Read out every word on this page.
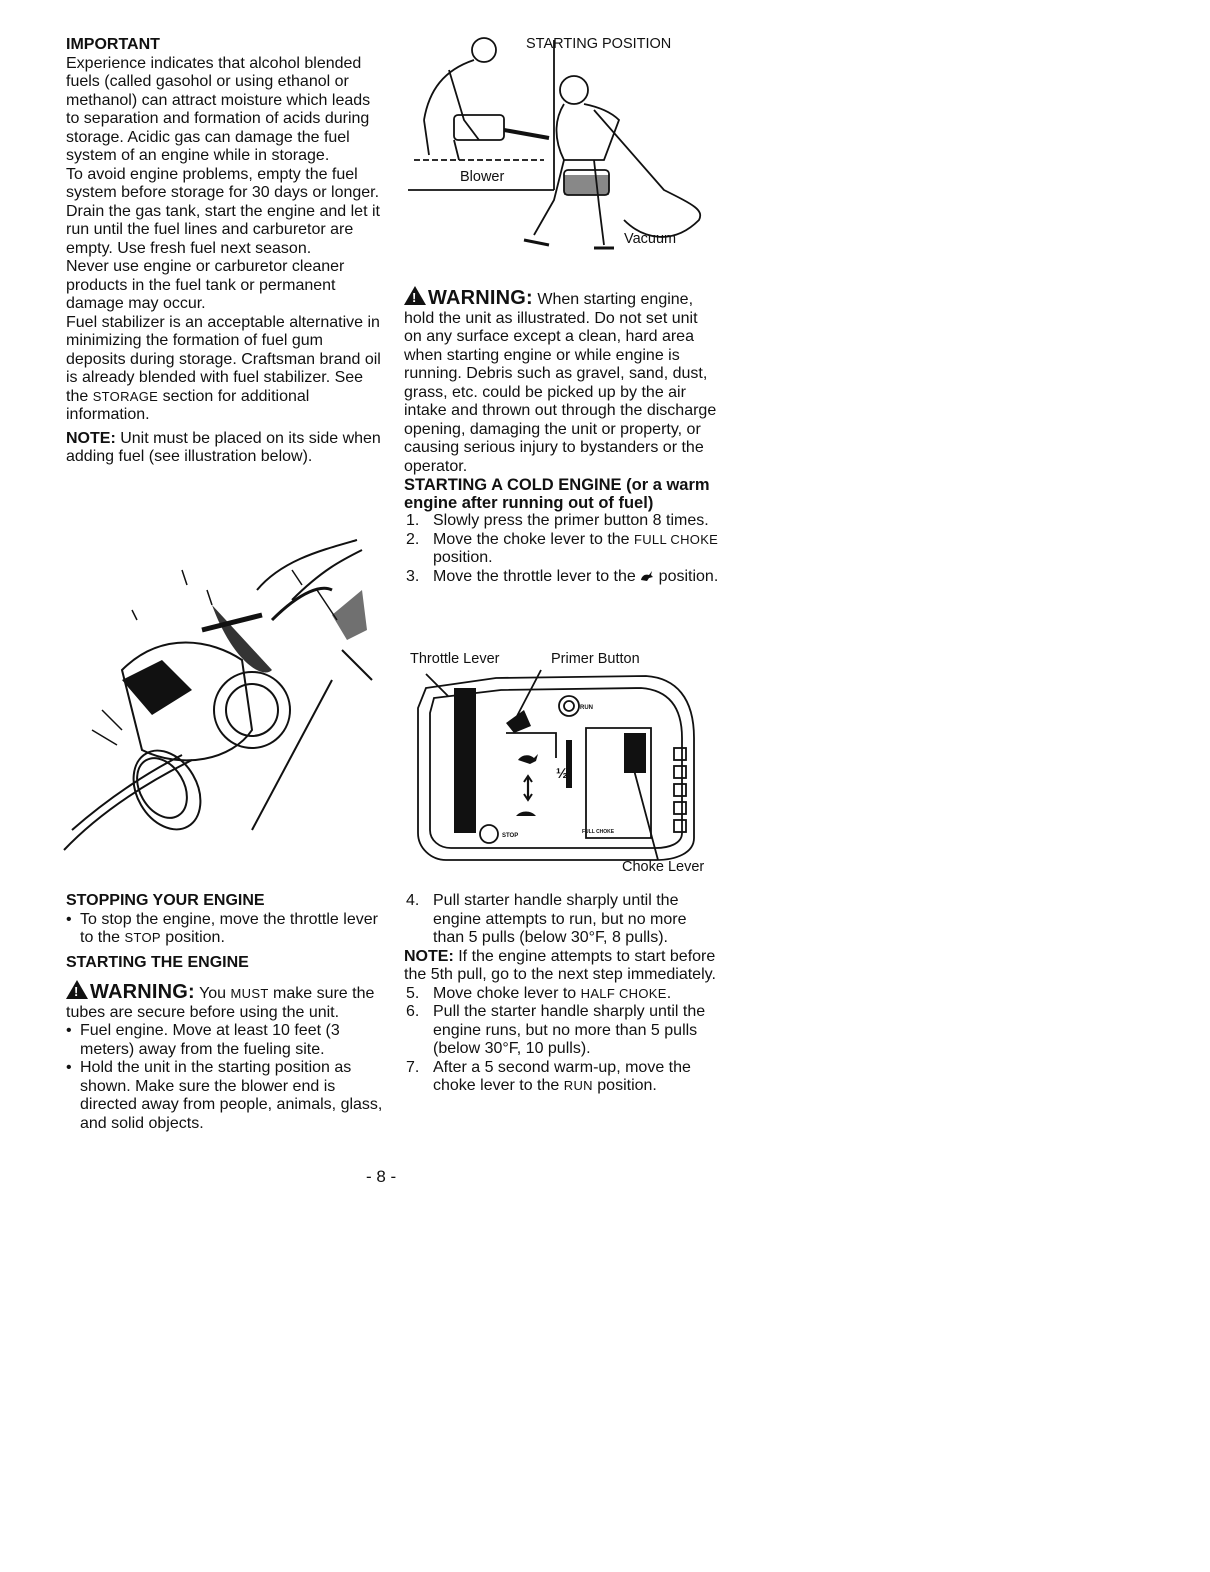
IMPORTANT

Experience indicates that alcohol blended fuels (called gasohol or using ethanol or methanol) can attract moisture which leads to separation and formation of acids during storage. Acidic gas can damage the fuel system of an engine while in storage.

To avoid engine problems, empty the fuel system before storage for 30 days or longer. Drain the gas tank, start the engine and let it run until the fuel lines and carburetor are empty. Use fresh fuel next season.

Never use engine or carburetor cleaner products in the fuel tank or permanent damage may occur.

Fuel stabilizer is an acceptable alternative in minimizing the formation of fuel gum deposits during storage. Craftsman brand oil is already blended with fuel stabilizer. See the STORAGE section for additional information.

NOTE: Unit must be placed on its side when adding fuel (see illustration below).

STOPPING YOUR ENGINE
• To stop the engine, move the throttle lever to the STOP position.
STARTING THE ENGINE

!WARNING: You MUST make sure the tubes are secure before using the unit.

• Fuel engine. Move at least 10 feet (3 meters) away from the fueling site.
• Hold the unit in the starting position as shown. Make sure the blower end is directed away from people, animals, glass, and solid objects.
STARTING POSITION
Blower
Vacuum

!WARNING: When starting engine, hold the unit as illustrated. Do not set unit on any surface except a clean, hard area when starting engine or while engine is running. Debris such as gravel, sand, dust, grass, etc. could be picked up by the air intake and thrown out through the discharge opening, damaging the unit or property, or causing serious injury to bystanders or the operator.

STARTING A COLD ENGINE (or a warm engine after running out of fuel)
1. Slowly press the primer button 8 times.
2. Move the choke lever to the FULL CHOKE position.
3. Move the throttle lever to the  position.
Throttle Lever	Primer Button
½
RUN
STOP
FULL CHOKE
Choke Lever
4. Pull starter handle sharply until the engine attempts to run, but no more than 5 pulls (below 30°F, 8 pulls).

NOTE: If the engine attempts to start before the 5th pull, go to the next step immediately.

5. Move choke lever to HALF CHOKE.
6. Pull the starter handle sharply until the engine runs, but no more than 5 pulls (below 30°F, 10 pulls).
7. After a 5 second warm-up, move the choke lever to the RUN position.
- 8 -
